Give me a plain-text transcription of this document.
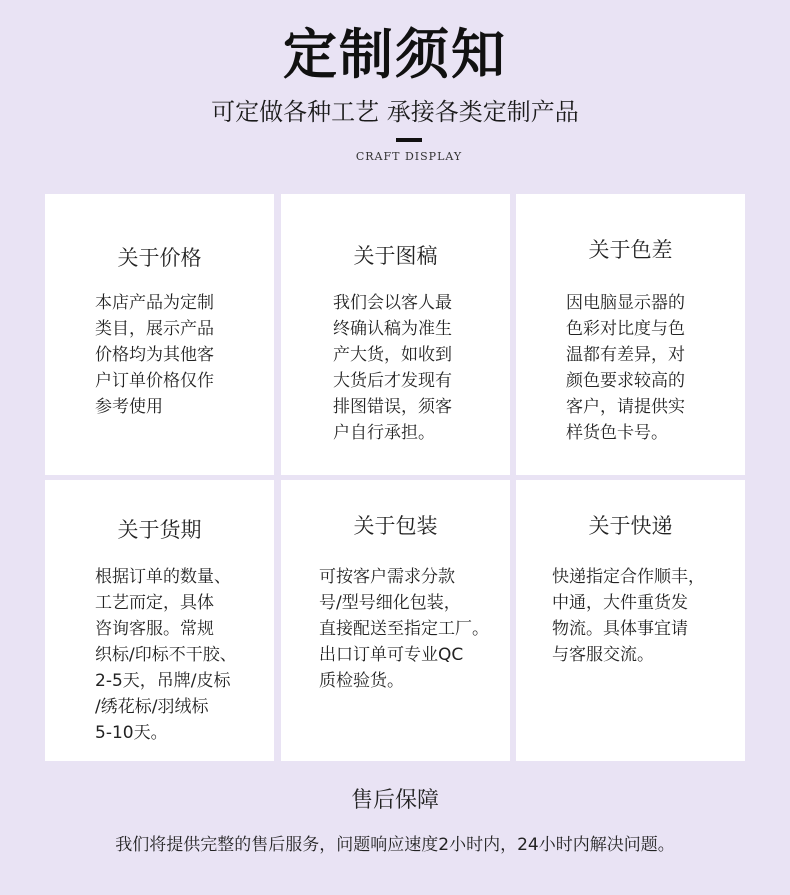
定制须知
可定做各种工艺 承接各类定制产品
CRAFT DISPLAY
关于价格
本店产品为定制
类目，展示产品
价格均为其他客
户订单价格仅作
参考使用
关于图稿
我们会以客人最
终确认稿为准生
产大货，如收到
大货后才发现有
排图错误，须客
户自行承担。
关于色差
因电脑显示器的
色彩对比度与色
温都有差异，对
颜色要求较高的
客户，请提供实
样货色卡号。
关于货期
根据订单的数量、
工艺而定，具体
咨询客服。常规
织标/印标不干胶、
2-5天，吊牌/皮标
/绣花标/羽绒标
5-10天。
关于包装
可按客户需求分款
号/型号细化包装，
直接配送至指定工厂。
出口订单可专业QC
质检验货。
关于快递
快递指定合作顺丰，
中通，大件重货发
物流。具体事宜请
与客服交流。
售后保障
我们将提供完整的售后服务，问题响应速度2小时内，24小时内解决问题。
